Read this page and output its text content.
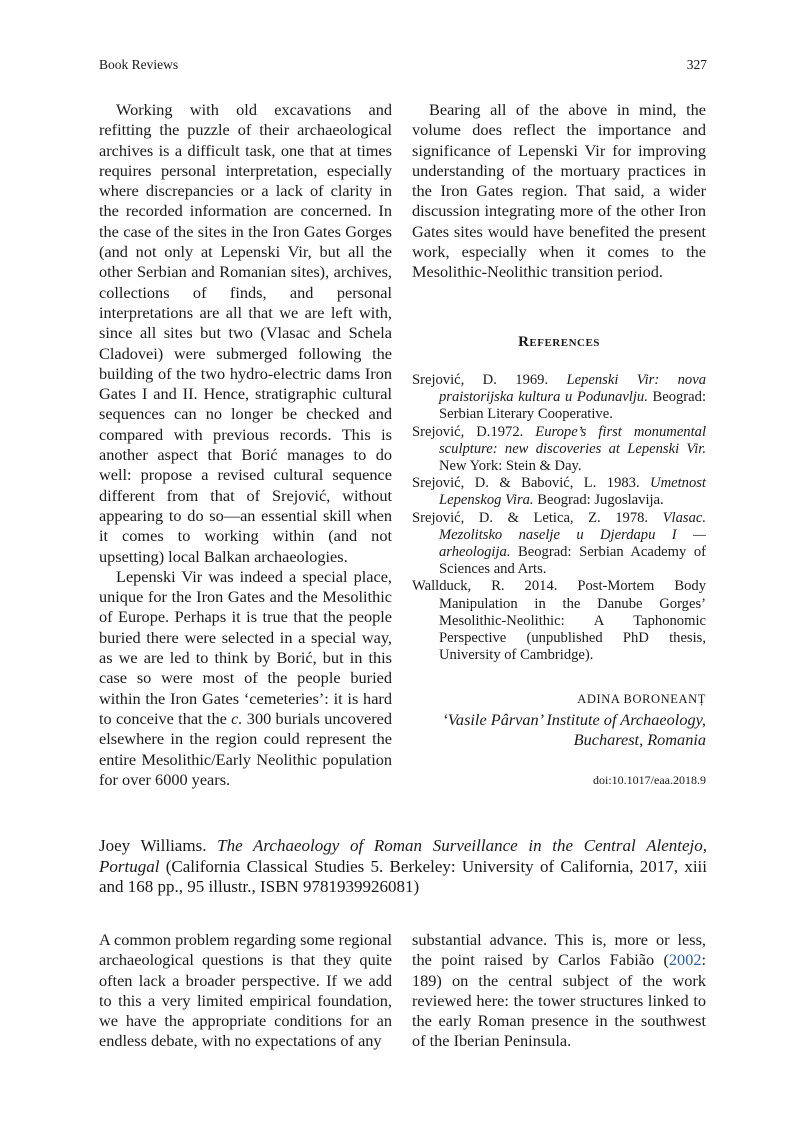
Book Reviews	327

Working with old excavations and refitting the puzzle of their archaeological archives is a difficult task, one that at times requires personal interpretation, especially where discrepancies or a lack of clarity in the recorded information are concerned. In the case of the sites in the Iron Gates Gorges (and not only at Lepenski Vir, but all the other Serbian and Romanian sites), archives, collections of finds, and personal interpretations are all that we are left with, since all sites but two (Vlasac and Schela Cladovei) were submerged following the building of the two hydro-electric dams Iron Gates I and II. Hence, stratigraphic cultural sequences can no longer be checked and compared with previous records. This is another aspect that Borić manages to do well: propose a revised cultural sequence different from that of Srejović, without appearing to do so—an essential skill when it comes to working within (and not upsetting) local Balkan archaeologies.

Lepenski Vir was indeed a special place, unique for the Iron Gates and the Mesolithic of Europe. Perhaps it is true that the people buried there were selected in a special way, as we are led to think by Borić, but in this case so were most of the people buried within the Iron Gates ‘cemeteries’: it is hard to conceive that the c. 300 burials uncovered elsewhere in the region could represent the entire Mesolithic/Early Neolithic population for over 6000 years.

Bearing all of the above in mind, the volume does reflect the importance and significance of Lepenski Vir for improving understanding of the mortuary practices in the Iron Gates region. That said, a wider discussion integrating more of the other Iron Gates sites would have benefited the present work, especially when it comes to the Mesolithic-Neolithic transition period.

References

Srejović, D. 1969. Lepenski Vir: nova praistorijska kultura u Podunavlju. Beograd: Serbian Literary Cooperative.

Srejović, D.1972. Europe’s first monumental sculpture: new discoveries at Lepenski Vir. New York: Stein & Day.

Srejović, D. & Babović, L. 1983. Umetnost Lepenskog Vira. Beograd: Jugoslavija.

Srejović, D. & Letica, Z. 1978. Vlasac. Mezolitsko naselje u Djerdapu I — arheologija. Beograd: Serbian Academy of Sciences and Arts.

Wallduck, R. 2014. Post-Mortem Body Manipulation in the Danube Gorges’ Mesolithic-Neolithic: A Taphonomic Perspective (unpublished PhD thesis, University of Cambridge).

ADINA BORONEANȚ
‘Vasile Pârvan’ Institute of Archaeology,
Bucharest, Romania
doi:10.1017/eaa.2018.9
Joey Williams. The Archaeology of Roman Surveillance in the Central Alentejo, Portugal (California Classical Studies 5. Berkeley: University of California, 2017, xiii and 168 pp., 95 illustr., ISBN 9781939926081)

A common problem regarding some regional archaeological questions is that they quite often lack a broader perspective. If we add to this a very limited empirical foundation, we have the appropriate conditions for an endless debate, with no expectations of any

substantial advance. This is, more or less, the point raised by Carlos Fabião (2002: 189) on the central subject of the work reviewed here: the tower structures linked to the early Roman presence in the southwest of the Iberian Peninsula.
